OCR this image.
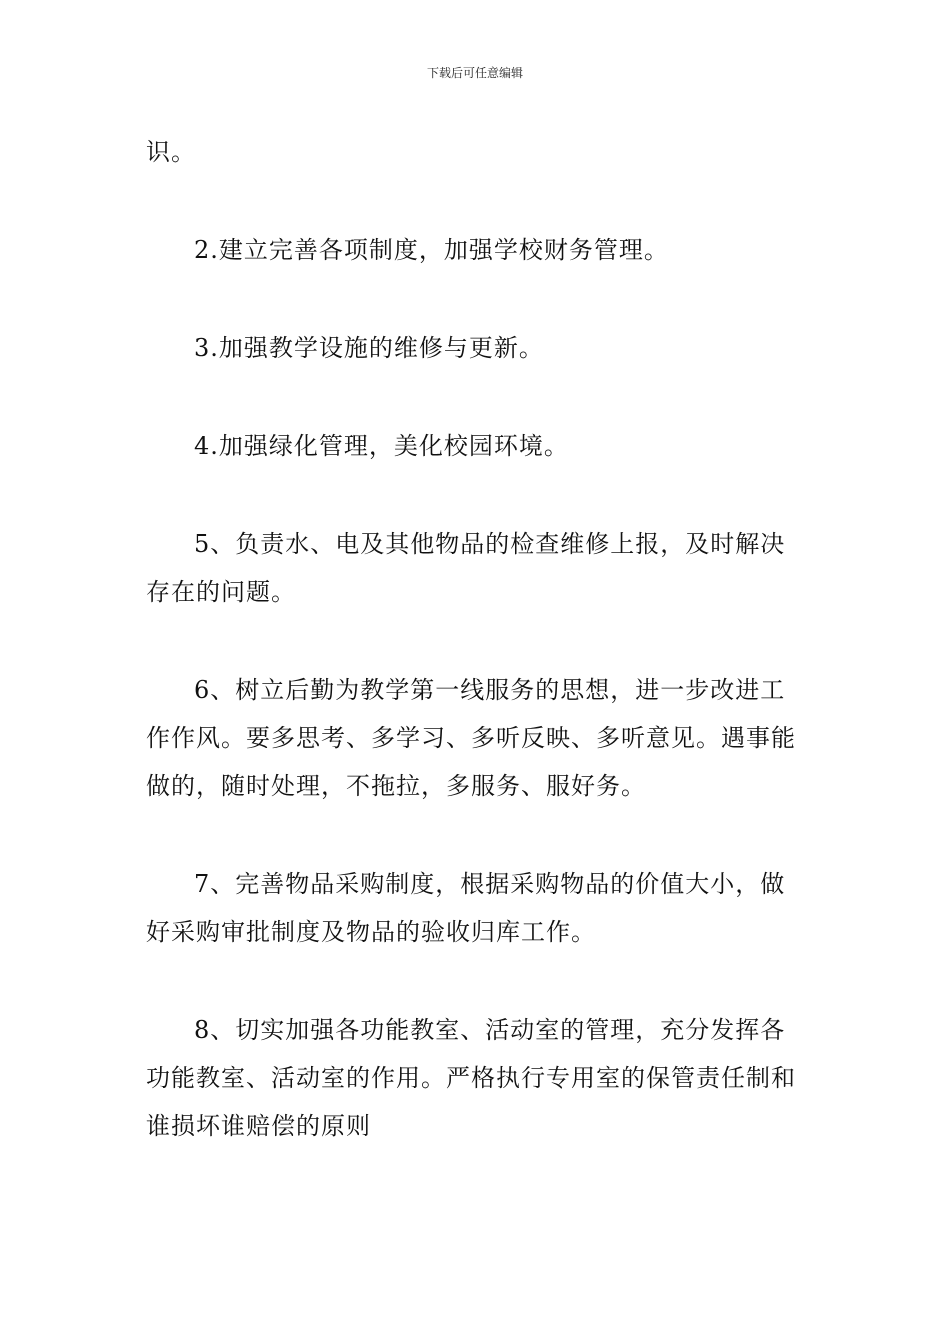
下载后可任意编辑

识。

2.建立完善各项制度，加强学校财务管理。

3.加强教学设施的维修与更新。

4.加强绿化管理，美化校园环境。

5、负责水、电及其他物品的检查维修上报，及时解决存在的问题。

6、树立后勤为教学第一线服务的思想，进一步改进工作作风。要多思考、多学习、多听反映、多听意见。遇事能做的，随时处理，不拖拉，多服务、服好务。

7、完善物品采购制度，根据采购物品的价值大小，做好采购审批制度及物品的验收归库工作。

8、切实加强各功能教室、活动室的管理，充分发挥各功能教室、活动室的作用。严格执行专用室的保管责任制和谁损坏谁赔偿的原则
